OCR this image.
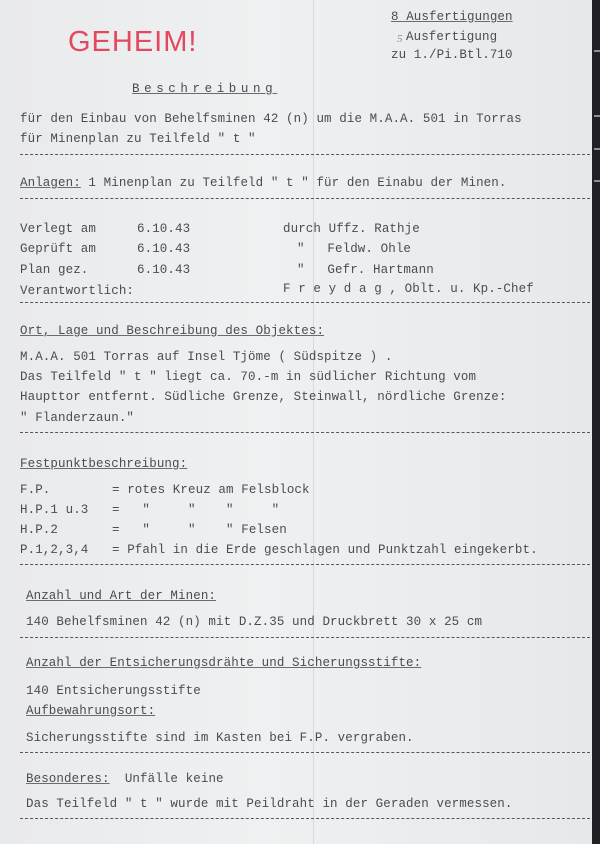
GEHEIM!
8 Ausfertigungen
5 Ausfertigung
zu 1./Pi.Btl.710
Beschreibung
für den Einbau von Behelfsminen 42 (n) um die M.A.A. 501 in Torras
für Minenplan zu Teilfeld " t "
Anlagen: 1 Minenplan zu Teilfeld " t " für den Einabu der Minen.
Verlegt am	6.10.43	durch Uffz. Rathje
Geprüft am	6.10.43	"   Feldw. Ohle
Plan gez.	6.10.43	"   Gefr. Hartmann
Verantwortlich:	F r e y d a g , Oblt. u. Kp.-Chef
Ort, Lage und Beschreibung des Objektes:
M.A.A. 501 Torras auf Insel Tjöme ( Südspitze ) .
Das Teilfeld " t " liegt ca. 70.-m in südlicher Richtung vom
Haupttor entfernt. Südliche Grenze, Steinwall, nördliche Grenze:
" Flanderzaun."
Festpunktbeschreibung:
F.P.	= rotes Kreuz am Felsblock
H.P.1 u.3 =   "     "    "     "
H.P.2	=   "     "    " Felsen
P.1,2,3,4 = Pfahl in die Erde geschlagen und Punktzahl eingekerbt.
Anzahl und Art der Minen:
140 Behelfsminen 42 (n) mit D.Z.35 und Druckbrett 30 x 25 cm
Anzahl der Entsicherungsdrähte und Sicherungsstifte:
140 Entsicherungsstifte
Aufbewahrungsort:
Sicherungsstifte sind im Kasten bei F.P. vergraben.
Besonderes: Unfälle keine
Das Teilfeld " t " wurde mit Peildraht in der Geraden vermessen.
